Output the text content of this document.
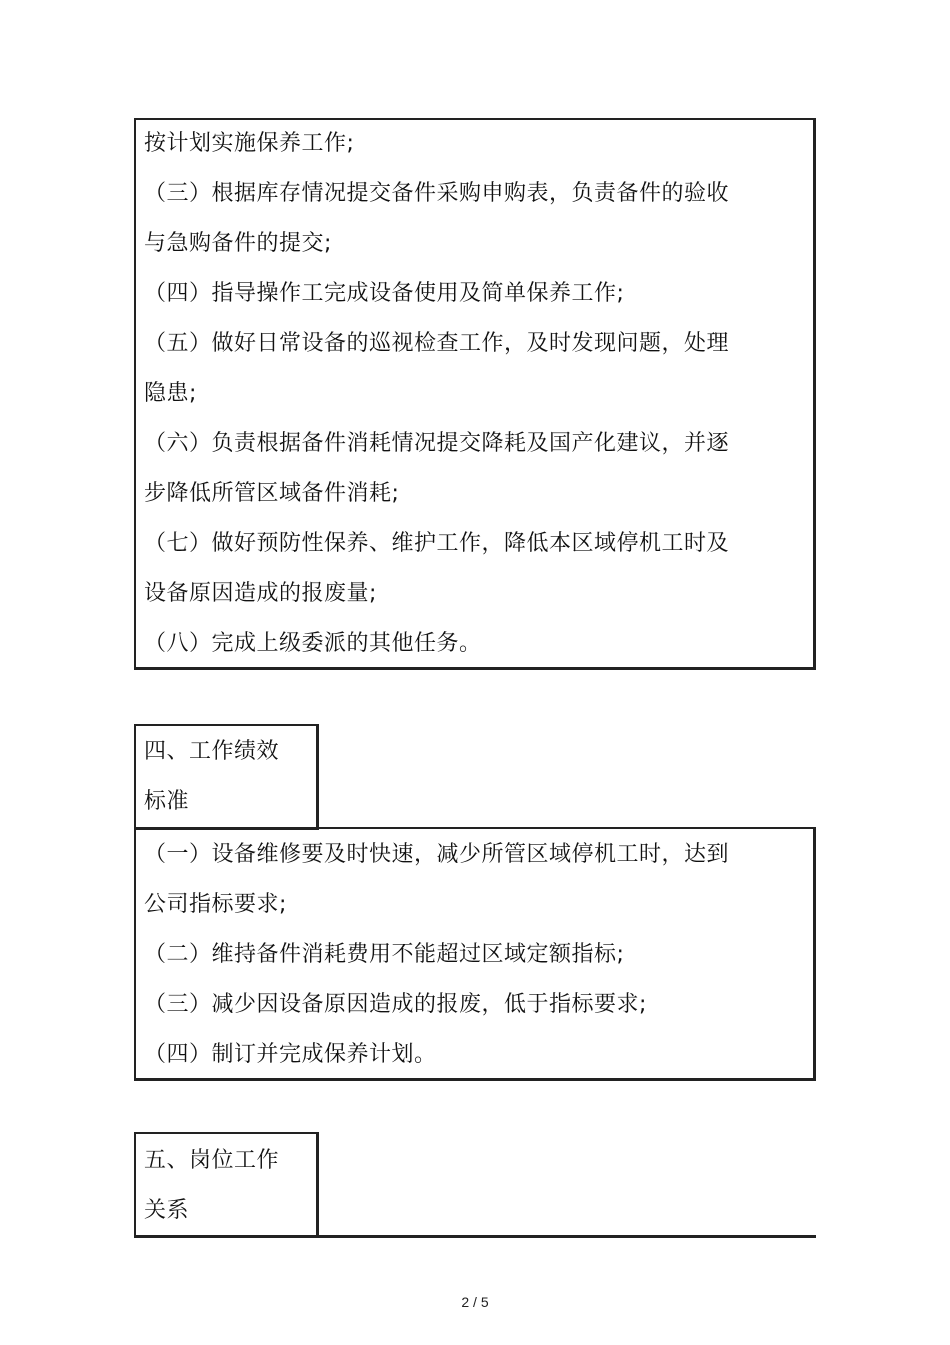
按计划实施保养工作;
（三）根据库存情况提交备件采购申购表，负责备件的验收
与急购备件的提交;
（四）指导操作工完成设备使用及简单保养工作;
（五）做好日常设备的巡视检查工作，及时发现问题，处理
隐患;
（六）负责根据备件消耗情况提交降耗及国产化建议，并逐
步降低所管区域备件消耗;
（七）做好预防性保养、维护工作，降低本区域停机工时及
设备原因造成的报废量;
（八）完成上级委派的其他任务。
四、工作绩效
标准
（一）设备维修要及时快速，减少所管区域停机工时，达到
公司指标要求;
（二）维持备件消耗费用不能超过区域定额指标;
（三）减少因设备原因造成的报废，低于指标要求;
（四）制订并完成保养计划。
五、岗位工作
关系
2 / 5
